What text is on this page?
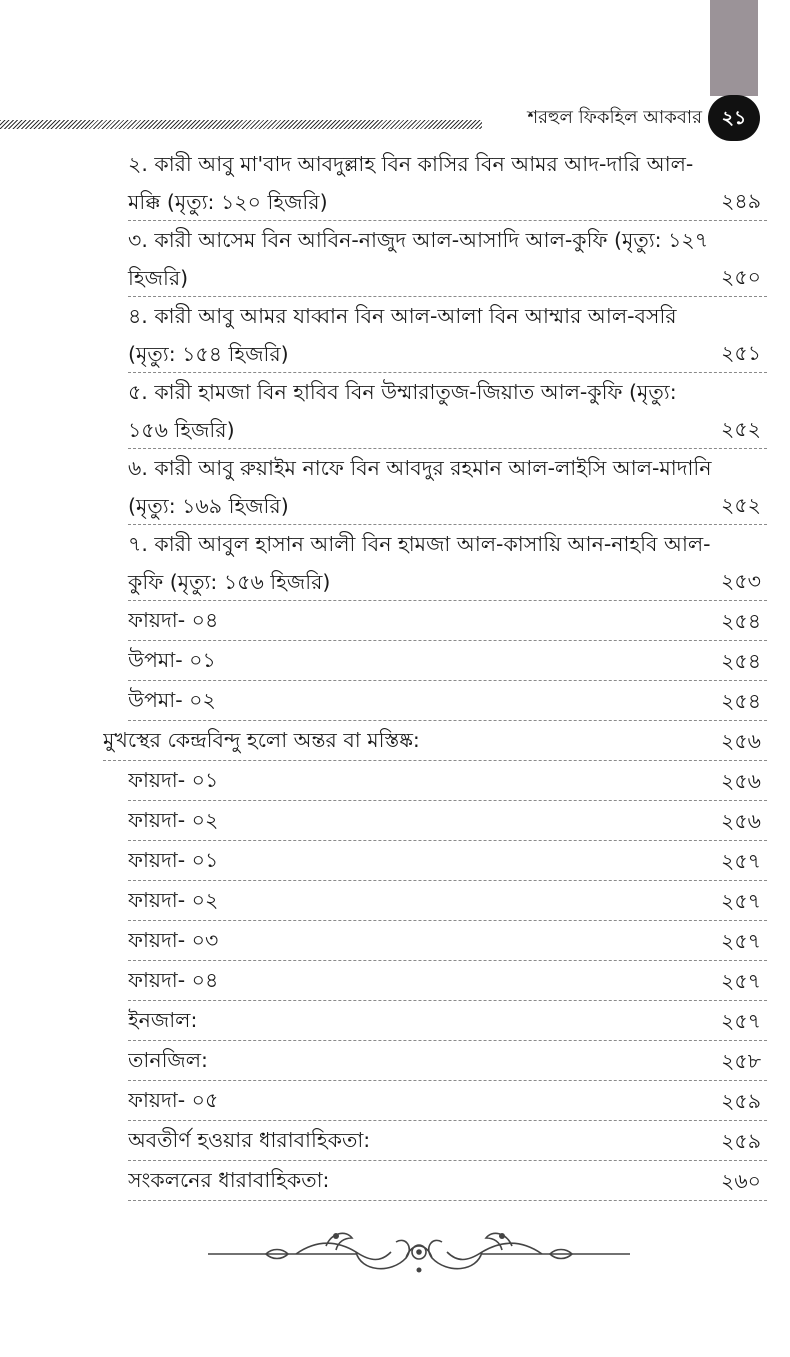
শরহুল ফিকহিল আকবার	২১
২. কারী আবু মা'বাদ আবদুল্লাহ বিন কাসির বিন আমর আদ-দারি আল-
মক্কি (মৃত্যু: ১২০ হিজরি)	২৪৯
৩. কারী আসেম বিন আবিন-নাজুদ আল-আসাদি আল-কুফি (মৃত্যু: ১২৭
হিজরি)	২৫০
৪. কারী আবু আমর যাব্বান বিন আল-আলা বিন আম্মার আল-বসরি
(মৃত্যু: ১৫৪ হিজরি)	২৫১
৫. কারী হামজা বিন হাবিব বিন উম্মারাতুজ-জিয়াত আল-কুফি (মৃত্যু:
১৫৬ হিজরি)	২৫২
৬. কারী আবু রুয়াইম নাফে বিন আবদুর রহমান আল-লাইসি আল-মাদানি
(মৃত্যু: ১৬৯ হিজরি)	২৫২
৭. কারী আবুল হাসান আলী বিন হামজা আল-কাসায়ি আন-নাহবি আল-
কুফি (মৃত্যু: ১৫৬ হিজরি)	২৫৩
ফায়দা- ০৪	২৫৪
উপমা- ০১	২৫৪
উপমা- ০২	২৫৪
মুখস্থের কেন্দ্রবিন্দু হলো অন্তর বা মস্তিষ্ক:	২৫৬
ফায়দা- ০১	২৫৬
ফায়দা- ০২	২৫৬
ফায়দা- ০১	২৫৭
ফায়দা- ০২	২৫৭
ফায়দা- ০৩	২৫৭
ফায়দা- ০৪	২৫৭
ইনজাল:	২৫৭
তানজিল:	২৫৮
ফায়দা- ০৫	২৫৯
অবতীর্ণ হওয়ার ধারাবাহিকতা:	২৫৯
সংকলনের ধারাবাহিকতা:	২৬০
